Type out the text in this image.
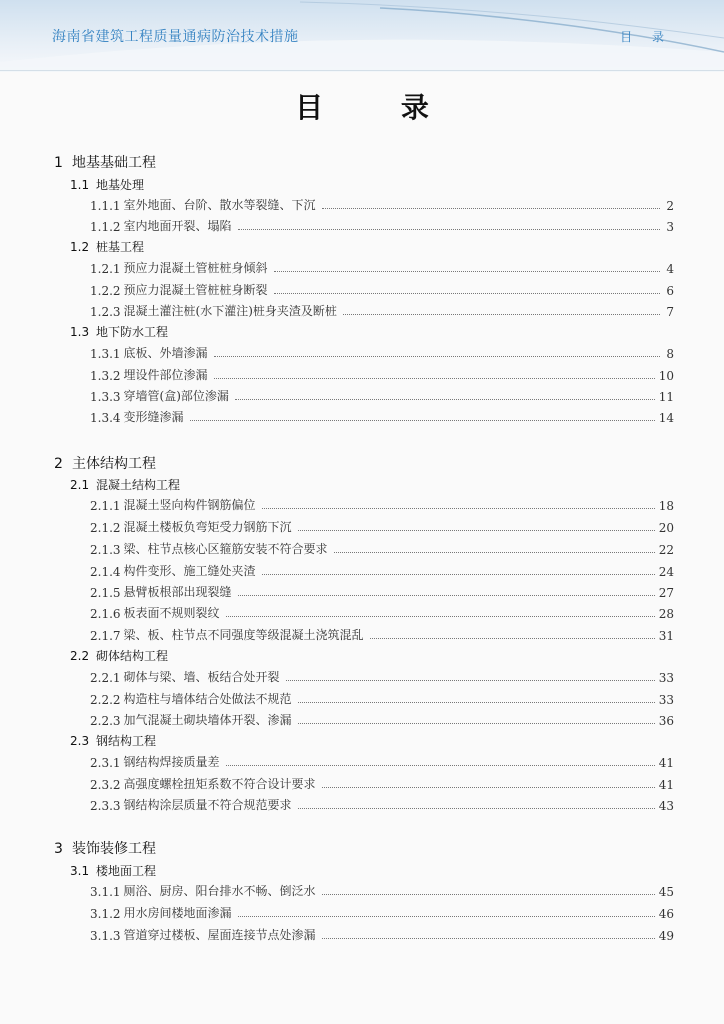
海南省建筑工程质量通病防治技术措施	目 录
目 录
1 地基基础工程
1.1 地基处理
1.1.1 室外地面、台阶、散水等裂缝、下沉	2
1.1.2 室内地面开裂、塌陷	3
1.2 桩基工程
1.2.1 预应力混凝土管桩桩身倾斜	4
1.2.2 预应力混凝土管桩桩身断裂	6
1.2.3 混凝土灌注桩(水下灌注)桩身夹渣及断桩	7
1.3 地下防水工程
1.3.1 底板、外墙渗漏	8
1.3.2 埋设件部位渗漏	10
1.3.3 穿墙管(盒)部位渗漏	11
1.3.4 变形缝渗漏	14
2 主体结构工程
2.1 混凝土结构工程
2.1.1 混凝土竖向构件钢筋偏位	18
2.1.2 混凝土楼板负弯矩受力钢筋下沉	20
2.1.3 梁、柱节点核心区箍筋安装不符合要求	22
2.1.4 构件变形、施工缝处夹渣	24
2.1.5 悬臂板根部出现裂缝	27
2.1.6 板表面不规则裂纹	28
2.1.7 梁、板、柱节点不同强度等级混凝土浇筑混乱	31
2.2 砌体结构工程
2.2.1 砌体与梁、墙、板结合处开裂	33
2.2.2 构造柱与墙体结合处做法不规范	33
2.2.3 加气混凝土砌块墙体开裂、渗漏	36
2.3 钢结构工程
2.3.1 钢结构焊接质量差	41
2.3.2 高强度螺栓扭矩系数不符合设计要求	41
2.3.3 钢结构涂层质量不符合规范要求	43
3 装饰装修工程
3.1 楼地面工程
3.1.1 厕浴、厨房、阳台排水不畅、倒泛水	45
3.1.2 用水房间楼地面渗漏	46
3.1.3 管道穿过楼板、屋面连接节点处渗漏	49
